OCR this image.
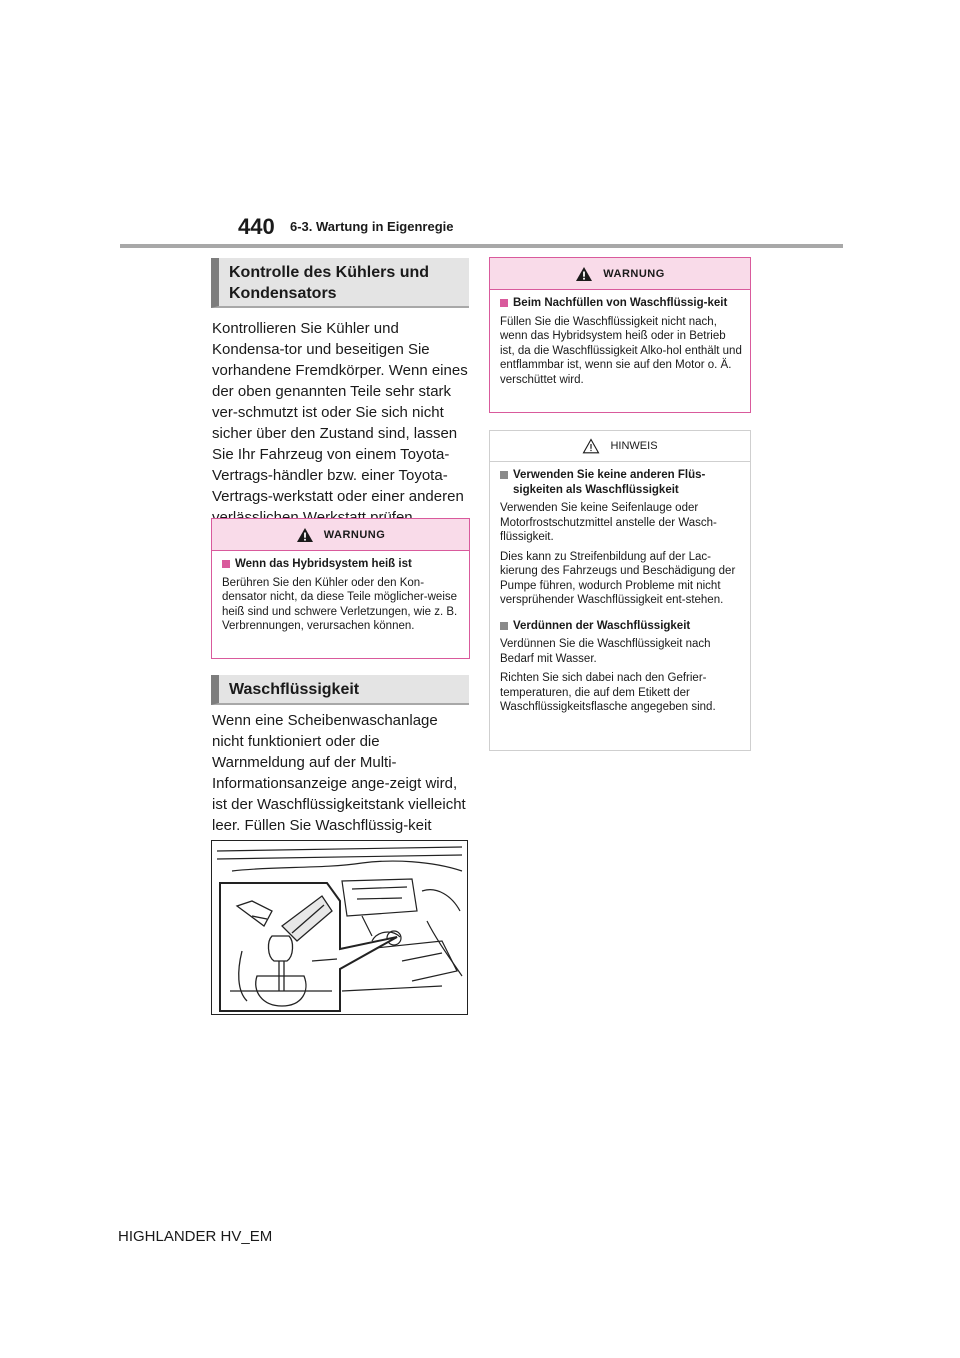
440 6-3. Wartung in Eigenregie
Kontrolle des Kühlers und Kondensators
Kontrollieren Sie Kühler und Kondensa-tor und beseitigen Sie vorhandene Fremdkörper. Wenn eines der oben genannten Teile sehr stark ver-schmutzt ist oder Sie sich nicht sicher über den Zustand sind, lassen Sie Ihr Fahrzeug von einem Toyota-Vertrags-händler bzw. einer Toyota-Vertrags-werkstatt oder einer anderen
WARNUNG
Wenn das Hybridsystem heiß ist

Berühren Sie den Kühler oder den Kon-densator nicht, da diese Teile möglicher-weise heiß sind und schwere Verletzungen, wie z. B. Verbrennungen, verursachen können.

Waschflüssigkeit
Wenn eine Scheibenwaschanlage nicht funktioniert oder die Warnmeldung auf der Multi-Informationsanzeige ange-zeigt wird, ist der Waschflüssigkeitstank vielleicht leer. Füllen Sie Waschflüssig-keit
WARNUNG
Beim Nachfüllen von Waschflüssig-keit

Füllen Sie die Waschflüssigkeit nicht nach, wenn das Hybridsystem heiß oder in Betrieb ist, da die Waschflüssigkeit Alko-hol enthält und entflammbar ist, wenn sie auf den Motor o. Ä. verschüttet wird.

HINWEIS
Verwenden Sie keine anderen Flüs-sigkeiten als Waschflüssigkeit

Verwenden Sie keine Seifenlauge oder Motorfrostschutzmittel anstelle der Wasch-flüssigkeit.

Dies kann zu Streifenbildung auf der Lac-kierung des Fahrzeugs und Beschädigung der Pumpe führen, wodurch Probleme mit nicht versprühender Waschflüssigkeit ent-stehen.

Verdünnen der Waschflüssigkeit

Verdünnen Sie die Waschflüssigkeit nach Bedarf mit Wasser.

Richten Sie sich dabei nach den Gefrier-temperaturen, die auf dem Etikett der Waschflüssigkeitsflasche angegeben sind.

HIGHLANDER HV_EM
